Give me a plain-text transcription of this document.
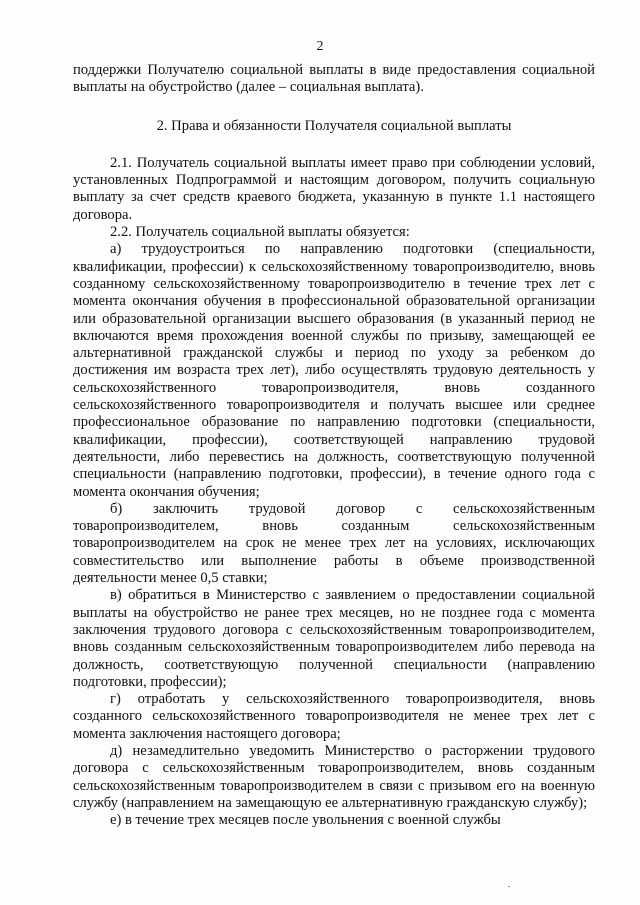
2

поддержки Получателю социальной выплаты в виде предоставления социальной выплаты на обустройство (далее – социальная выплата).

2. Права и обязанности Получателя социальной выплаты

2.1. Получатель социальной выплаты имеет право при соблюдении условий, установленных Подпрограммой и настоящим договором, получить социальную выплату за счет средств краевого бюджета, указанную в пункте 1.1 настоящего договора.

2.2. Получатель социальной выплаты обязуется:

а) трудоустроиться по направлению подготовки (специальности, квалификации, профессии) к сельскохозяйственному товаропроизводителю, вновь созданному сельскохозяйственному товаропроизводителю в течение трех лет с момента окончания обучения в профессиональной образовательной организации или образовательной организации высшего образования (в указанный период не включаются время прохождения военной службы по призыву, замещающей ее альтернативной гражданской службы и период по уходу за ребенком до достижения им возраста трех лет), либо осуществлять трудовую деятельность у сельскохозяйственного товаропроизводителя, вновь созданного сельскохозяйственного товаропроизводителя и получать высшее или среднее профессиональное образование по направлению подготовки (специальности, квалификации, профессии), соответствующей направлению трудовой деятельности, либо перевестись на должность, соответствующую полученной специальности (направлению подготовки, профессии), в течение одного года с момента окончания обучения;

б) заключить трудовой договор с сельскохозяйственным товаропроизводителем, вновь созданным сельскохозяйственным товаропроизводителем на срок не менее трех лет на условиях, исключающих совместительство или выполнение работы в объеме производственной деятельности менее 0,5 ставки;

в) обратиться в Министерство с заявлением о предоставлении социальной выплаты на обустройство не ранее трех месяцев, но не позднее года с момента заключения трудового договора с сельскохозяйственным товаропроизводителем, вновь созданным сельскохозяйственным товаропроизводителем либо перевода на должность, соответствующую полученной специальности (направлению подготовки, профессии);

г) отработать у сельскохозяйственного товаропроизводителя, вновь созданного сельскохозяйственного товаропроизводителя не менее трех лет с момента заключения настоящего договора;

д) незамедлительно уведомить Министерство о расторжении трудового договора с сельскохозяйственным товаропроизводителем, вновь созданным сельскохозяйственным товаропроизводителем в связи с призывом его на военную службу (направлением на замещающую ее альтернативную гражданскую службу);

е) в течение трех месяцев после увольнения с военной службы
